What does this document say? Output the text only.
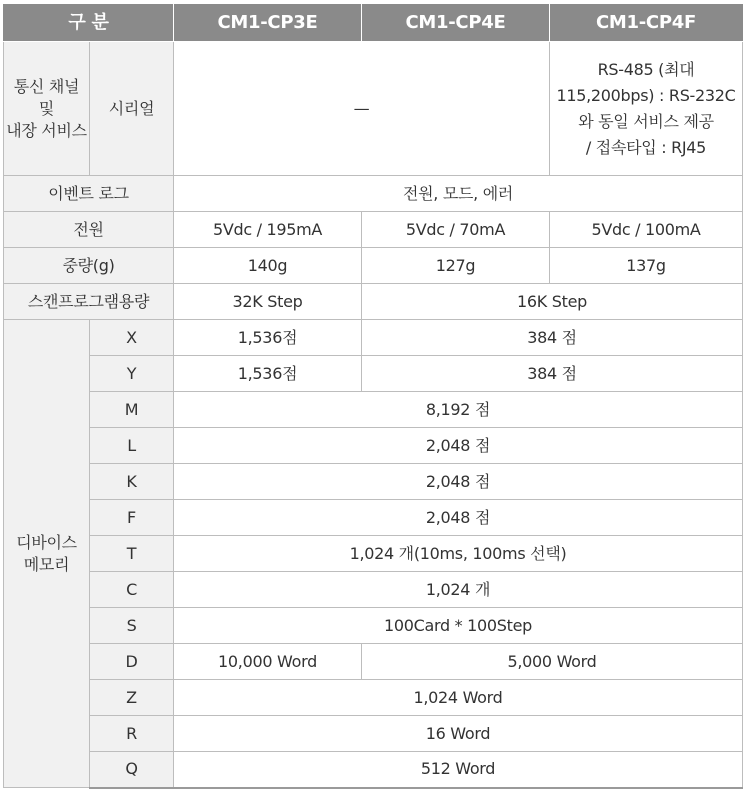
구 분		CM1-CP3E	CM1-CP4E	CM1-CP4F
통신 채널
및
내장 서비스	시리얼	—		RS-485 (최대
115,200bps) : RS-232C
와 동일 서비스 제공
/ 접속타입 : RJ45
이벤트 로그		전원, 모드, 에러		
전원		5Vdc / 195mA	5Vdc / 70mA	5Vdc / 100mA
중량(g)		140g	127g	137g
스캔프로그램용량		32K Step	16K Step	
디바이스
메모리	X	1,536점	384 점	
	Y	1,536점	384 점	
	M	8,192 점		
	L	2,048 점		
	K	2,048 점		
	F	2,048 점		
	T	1,024 개(10ms, 100ms 선택)		
	C	1,024 개		
	S	100Card * 100Step		
	D	10,000 Word	5,000 Word	
	Z	1,024 Word		
	R	16 Word		
	Q	512 Word		
